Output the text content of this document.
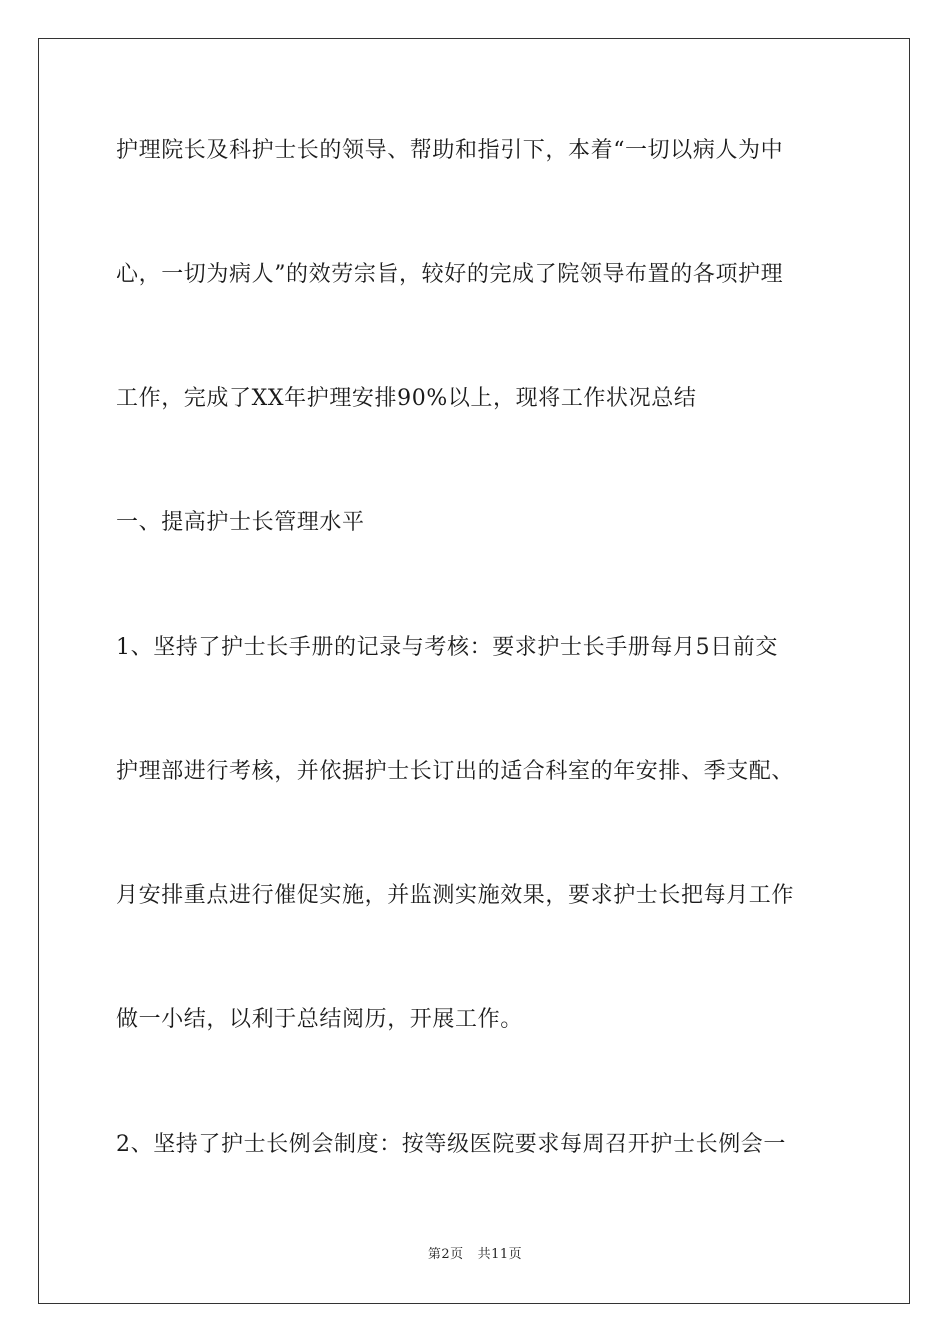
护理院长及科护士长的领导、帮助和指引下，本着“一切以病人为中
心，一切为病人”的效劳宗旨，较好的完成了院领导布置的各项护理
工作，完成了XX年护理安排90%以上，现将工作状况总结
一、提高护士长管理水平
1、坚持了护士长手册的记录与考核：要求护士长手册每月5日前交
护理部进行考核，并依据护士长订出的适合科室的年安排、季支配、
月安排重点进行催促实施，并监测实施效果，要求护士长把每月工作
做一小结，以利于总结阅历，开展工作。
2、坚持了护士长例会制度：按等级医院要求每周召开护士长例会一
第2页 共11页
